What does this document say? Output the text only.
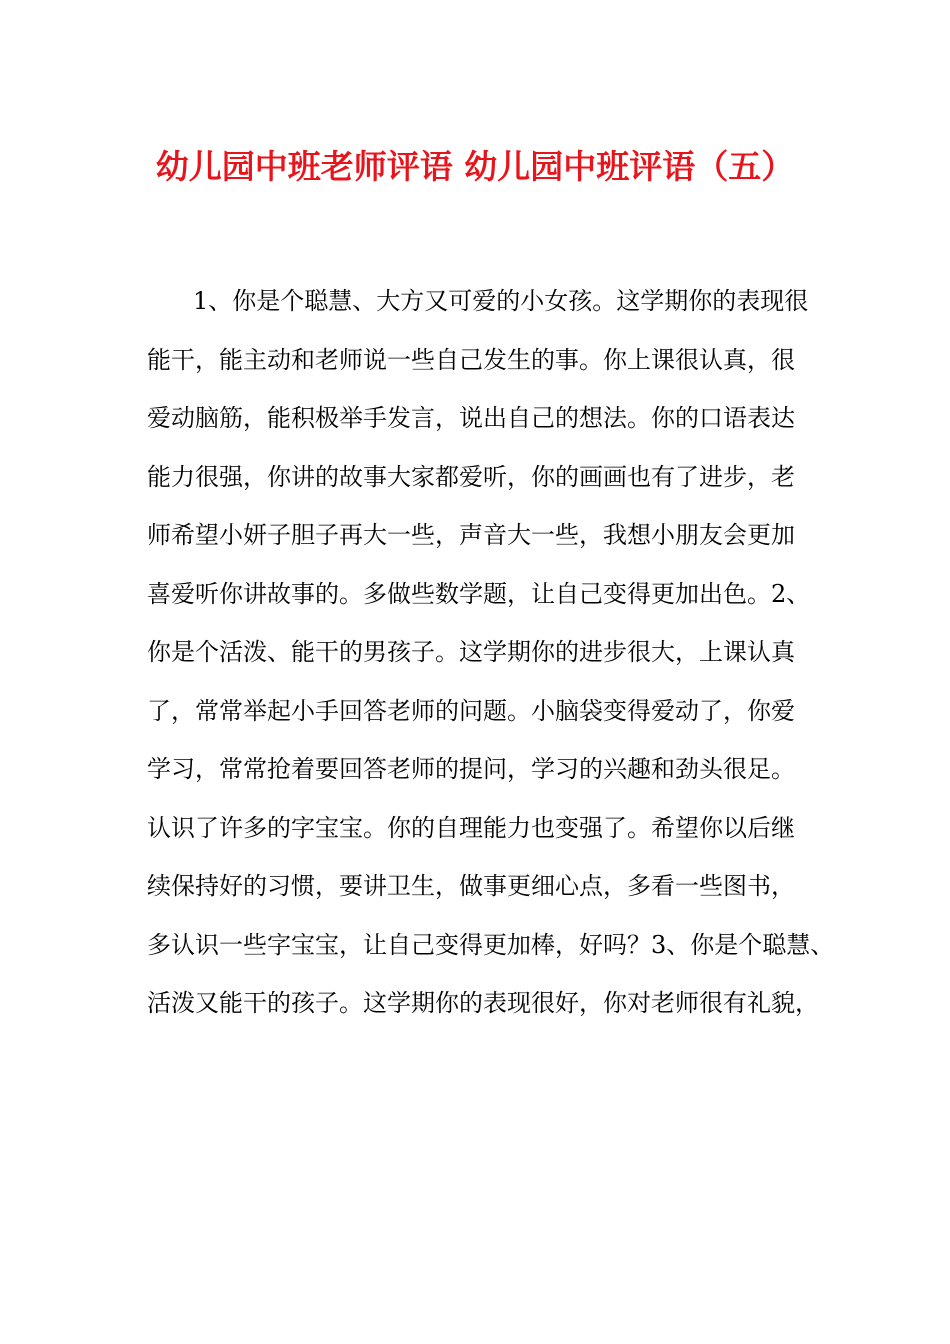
幼儿园中班老师评语 幼儿园中班评语（五）
1、你是个聪慧、大方又可爱的小女孩。这学期你的表现很
能干，能主动和老师说一些自己发生的事。你上课很认真，很
爱动脑筋，能积极举手发言，说出自己的想法。你的口语表达
能力很强，你讲的故事大家都爱听，你的画画也有了进步，老
师希望小妍子胆子再大一些，声音大一些，我想小朋友会更加
喜爱听你讲故事的。多做些数学题，让自己变得更加出色。2、
你是个活泼、能干的男孩子。这学期你的进步很大，上课认真
了，常常举起小手回答老师的问题。小脑袋变得爱动了，你爱
学习，常常抢着要回答老师的提问，学习的兴趣和劲头很足。
认识了许多的字宝宝。你的自理能力也变强了。希望你以后继
续保持好的习惯，要讲卫生，做事更细心点，多看一些图书，
多认识一些字宝宝，让自己变得更加棒，好吗？3、你是个聪慧、
活泼又能干的孩子。这学期你的表现很好，你对老师很有礼貌，
